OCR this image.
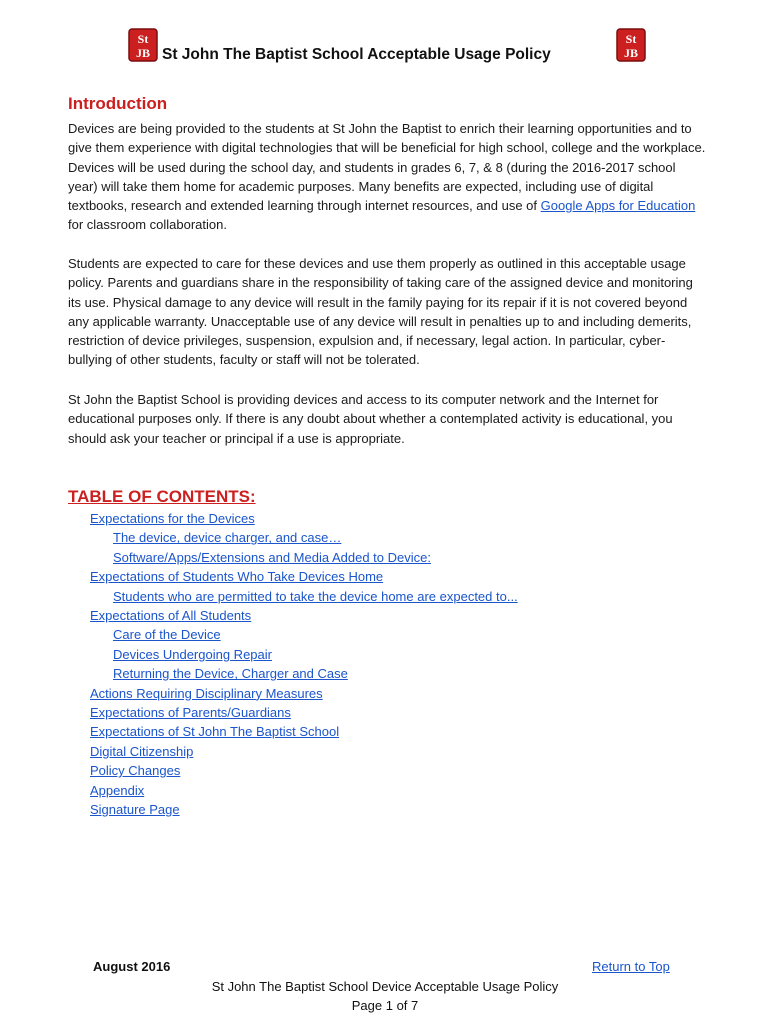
St
JB
St
JB
St John The Baptist School Acceptable Usage Policy
Introduction
Devices are being provided to the students at St John the Baptist to enrich their learning opportunities and to give them experience with digital technologies that will be beneficial for high school, college and the workplace. Devices will be used during the school day, and students in grades 6, 7, & 8 (during the 2016-2017 school year) will take them home for academic purposes. Many benefits are expected, including use of digital textbooks, research and extended learning through internet resources, and use of Google Apps for Education for classroom collaboration.
Students are expected to care for these devices and use them properly as outlined in this acceptable usage policy. Parents and guardians share in the responsibility of taking care of the assigned device and monitoring its use. Physical damage to any device will result in the family paying for its repair if it is not covered beyond any applicable warranty. Unacceptable use of any device will result in penalties up to and including demerits, restriction of device privileges, suspension, expulsion and, if necessary, legal action. In particular, cyber-bullying of other students, faculty or staff will not be tolerated.
St John the Baptist School is providing devices and access to its computer network and the Internet for educational purposes only. If there is any doubt about whether a contemplated activity is educational, you should ask your teacher or principal if a use is appropriate.
TABLE OF CONTENTS:
Expectations for the Devices
The device, device charger, and case…
Software/Apps/Extensions and Media Added to Device:
Expectations of Students Who Take Devices Home
Students who are permitted to take the device home are expected to...
Expectations of All Students
Care of the Device
Devices Undergoing Repair
Returning the Device, Charger and Case
Actions Requiring Disciplinary Measures
Expectations of Parents/Guardians
Expectations of St John The Baptist School
Digital Citizenship
Policy Changes
Appendix
Signature Page
August 2016	Return to Top
St John The Baptist School Device Acceptable Usage Policy
Page 1 of 7
